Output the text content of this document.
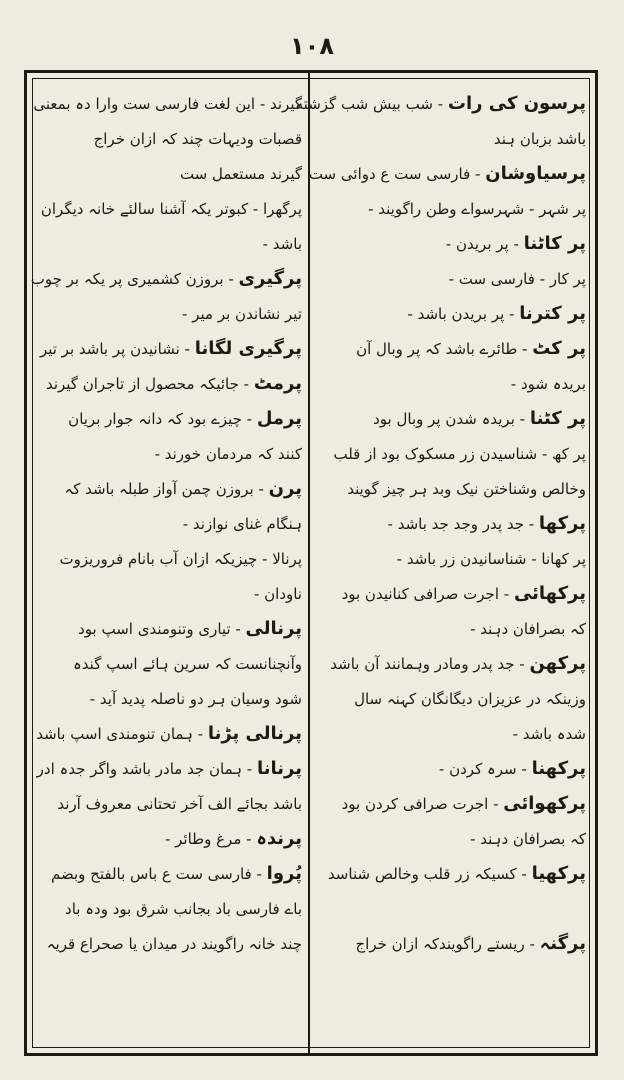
۱۰۸
پرسون کی رات - شب بیش شب گزشته
باشد بزبان ہند
پرسیاوشان - فارسی ست ع دوائی ست
پر شہر - شہرسواے وطن راگویند -
پر کاٹنا - پر بریدن -
پر کار - فارسی ست -
پر کترنا - پر بریدن باشد -
پر کٹ - طائرے باشد کہ پر وبال آن
بریدہ شود -
پر کٹنا - بریدہ شدن پر وبال بود
پر کھ - شناسیدن زر مسکوک بود از قلب
وخالص وشناختن نیک وبد ہر چیز گویند
پرکھا - جد پدر وجد جد باشد -
پر کھانا - شناسانیدن زر باشد -
پرکھائی - اجرت صرافی کنانیدن بود
کہ بصرافان دہند -
پرکھن - جد پدر ومادر وہمانند آن باشد
وزینکہ در عزیزان دیگانگان کہنہ سال
شدہ باشد -
پرکھنا - سرہ کردن -
پرکھوائی - اجرت صرافی کردن بود
کہ بصرافان دہند -
پرکھیا - کسیکہ زر قلب وخالص شناسد
پرگنہ - ریستے راگویندکہ ازان خراج
گیرند - این لغت فارسی ست وارا دہ بمعنی
قصبات ودیہات چند کہ ازان خراج
گیرند مستعمل ست
پرگھرا - کبوتر یکہ آشنا سالئے خانہ دیگران
باشد -
پرگیری - بروزن کشمیری پر یکہ بر چوب
تیر نشاندن بر میر -
پرگیری لگانا - نشانیدن پر باشد بر تیر
پرمٹ - جائیکہ محصول از تاجران گیرند
پرمل - چیزے بود کہ دانہ جوار بریان
کنند کہ مردمان خورند -
پرن - بروزن چمن آواز طبلہ باشد کہ
ہنگام غنای نوازند -
پرنالا - چیزیکہ ازان آب بانام فروریزوت
ناودان -
پرنالی - تیاری وتنومندی اسپ بود
وآنچنانست کہ سرین ہائے اسپ گندہ
شود وسیان ہر دو ناصلہ پدید آید -
پرنالی پڑنا - ہمان تنومندی اسپ باشد
پرنانا - ہمان جد مادر باشد واگر جدہ ادر
باشد بجائے الف آخر تحتانی معروف آرند
پرندہ - مرغ وطائر -
پُروا - فارسی ست ع باس بالفتح وبضم
باے فارسی باد بجانب شرق بود ودہ باد
چند خانہ راگویند در میدان یا صحراع قریہ
